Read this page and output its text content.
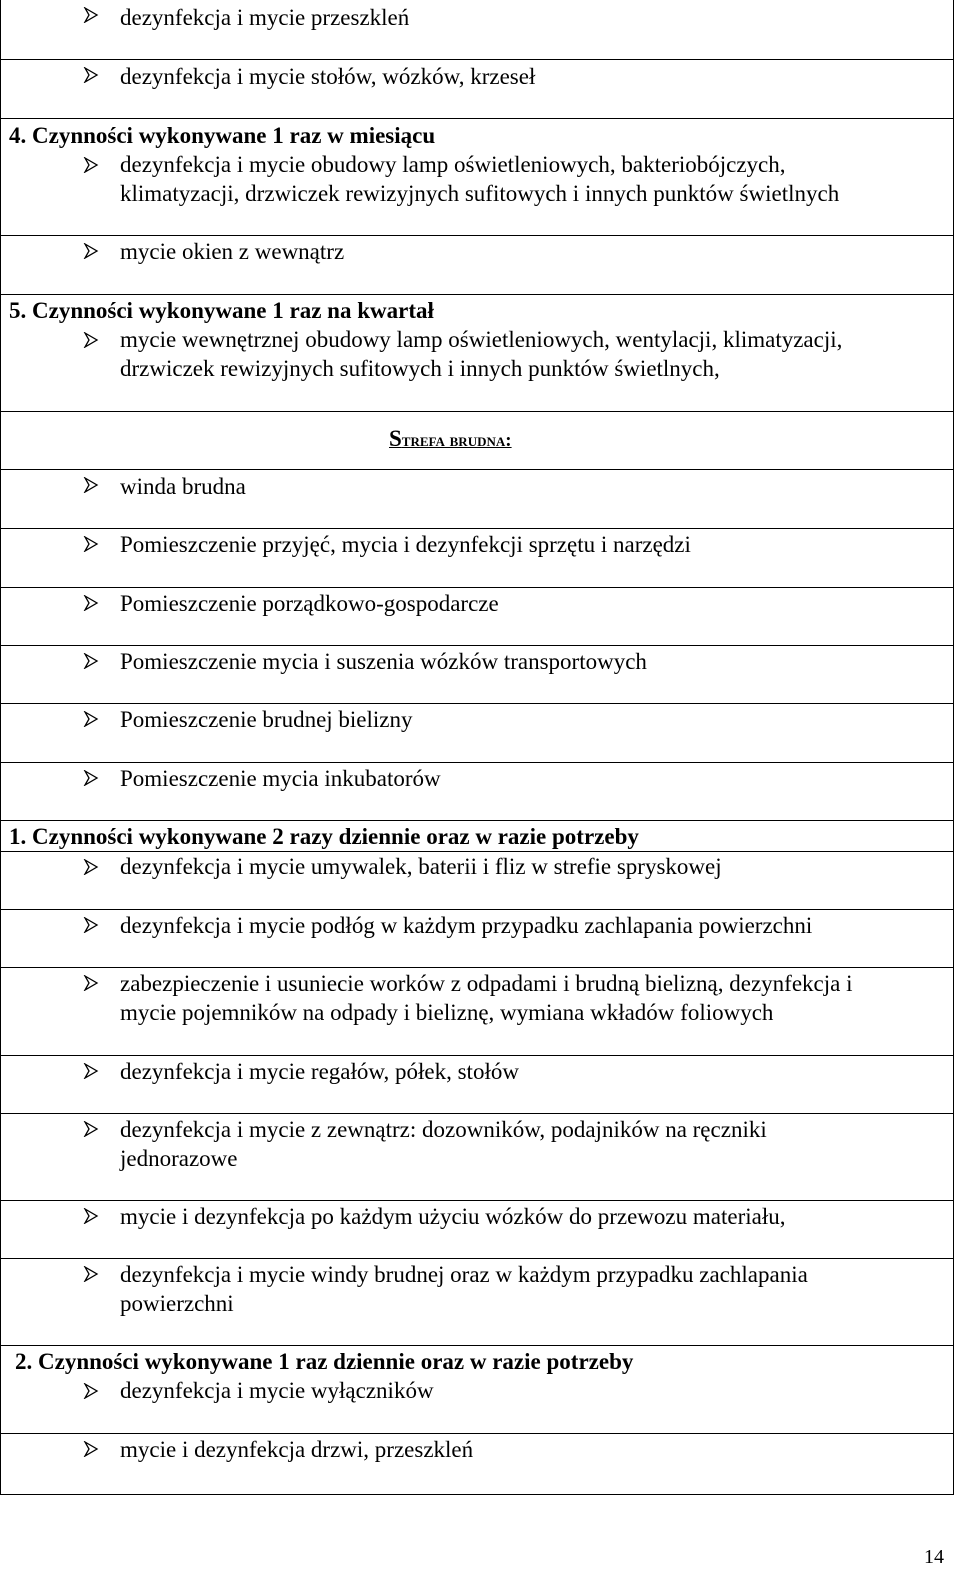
dezynfekcja i mycie przeszkleń
dezynfekcja i mycie stołów, wózków, krzeseł
4. Czynności wykonywane 1 raz w miesiącu
dezynfekcja i mycie obudowy lamp oświetleniowych, bakteriobójczych,
klimatyzacji, drzwiczek rewizyjnych sufitowych i innych punktów świetlnych
mycie okien z wewnątrz
5. Czynności wykonywane 1 raz na kwartał
mycie wewnętrznej obudowy lamp oświetleniowych, wentylacji, klimatyzacji,
drzwiczek rewizyjnych sufitowych i innych punktów świetlnych,
Strefa brudna:
winda brudna
Pomieszczenie przyjęć, mycia i dezynfekcji sprzętu i narzędzi
Pomieszczenie porządkowo-gospodarcze
Pomieszczenie mycia i suszenia wózków transportowych
Pomieszczenie brudnej bielizny
Pomieszczenie mycia inkubatorów
1. Czynności wykonywane 2 razy dziennie oraz w razie potrzeby
dezynfekcja i mycie umywalek, baterii i fliz w strefie spryskowej
dezynfekcja i mycie podłóg w każdym przypadku zachlapania powierzchni
zabezpieczenie i usuniecie worków z odpadami i brudną bielizną, dezynfekcja i
mycie pojemników na odpady i bieliznę, wymiana wkładów foliowych
dezynfekcja i mycie regałów, półek, stołów
dezynfekcja i mycie z zewnątrz: dozowników, podajników na ręczniki
jednorazowe
mycie i dezynfekcja po każdym użyciu wózków do przewozu materiału,
dezynfekcja i mycie windy brudnej oraz w każdym przypadku zachlapania
powierzchni
2. Czynności wykonywane 1 raz dziennie oraz w razie potrzeby
dezynfekcja i mycie wyłączników
mycie i dezynfekcja drzwi, przeszkleń
14
